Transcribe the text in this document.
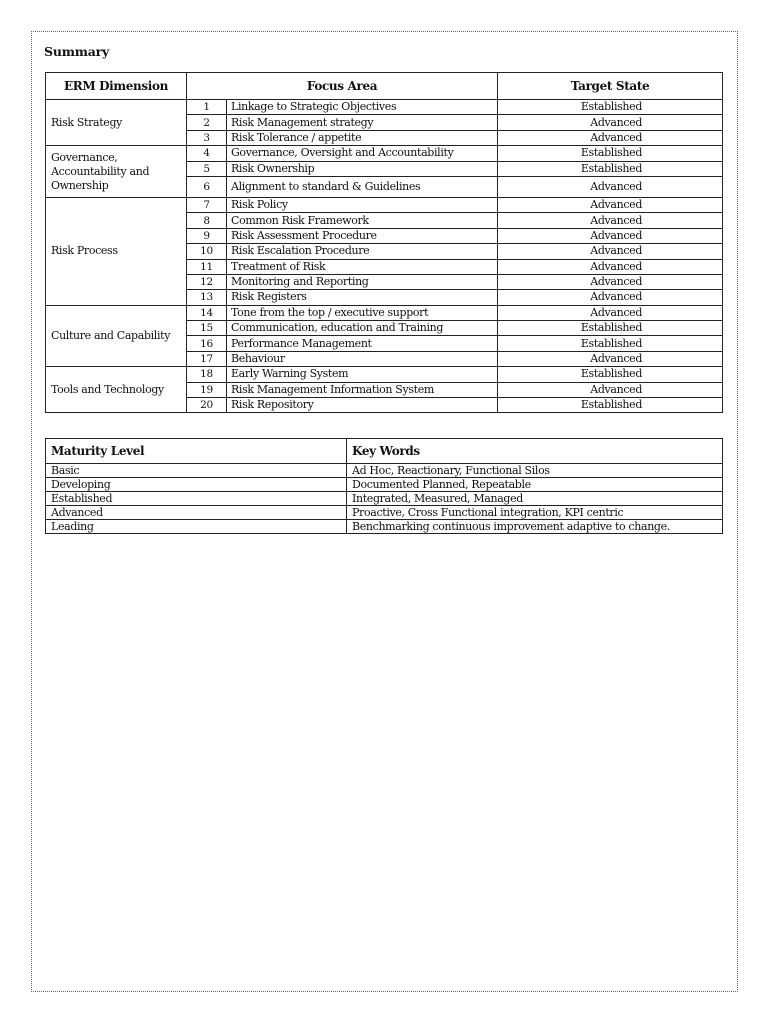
Summary
ERM Dimension	Focus Area		Target State
Risk Strategy	1	Linkage to Strategic Objectives	Established
	2	Risk Management strategy	Advanced
	3	Risk Tolerance / appetite	Advanced
Governance, Accountability and Ownership	4	Governance, Oversight and Accountability	Established
	5	Risk Ownership	Established
	6	Alignment to standard & Guidelines	Advanced
Risk Process	7	Risk Policy	Advanced
	8	Common Risk Framework	Advanced
	9	Risk Assessment Procedure	Advanced
	10	Risk Escalation Procedure	Advanced
	11	Treatment of Risk	Advanced
	12	Monitoring and Reporting	Advanced
	13	Risk Registers	Advanced
Culture and Capability	14	Tone from the top / executive support	Advanced
	15	Communication, education and Training	Established
	16	Performance Management	Established
	17	Behaviour	Advanced
Tools and Technology	18	Early Warning System	Established
	19	Risk Management Information System	Advanced
	20	Risk Repository	Established
Maturity Level	Key Words
Basic	Ad Hoc, Reactionary, Functional Silos
Developing	Documented Planned, Repeatable
Established	Integrated, Measured, Managed
Advanced	Proactive, Cross Functional integration, KPI centric
Leading	Benchmarking continuous improvement adaptive to change.
